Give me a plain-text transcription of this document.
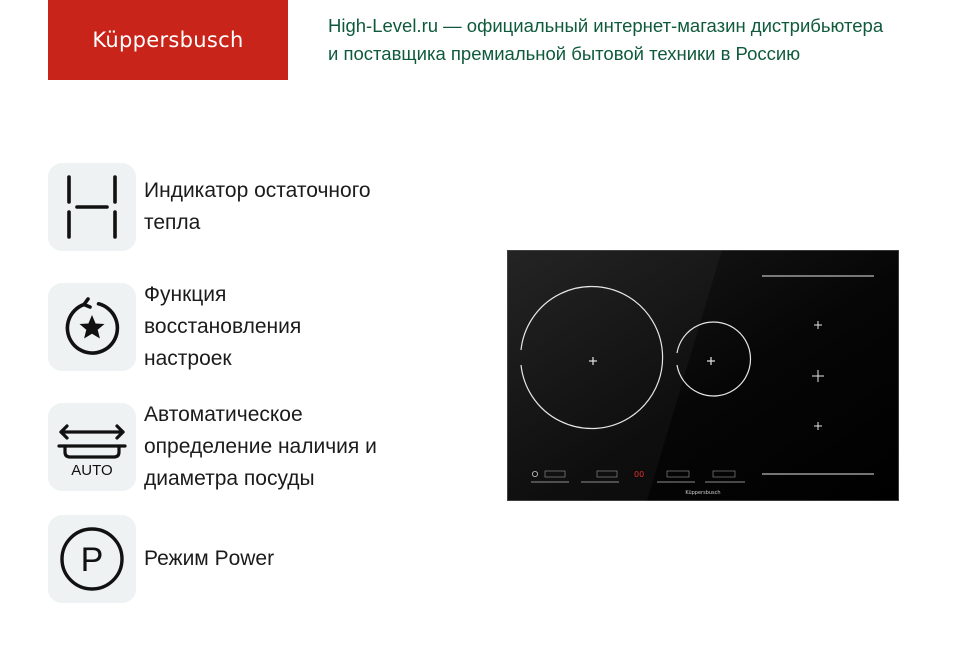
Küppersbusch
High-Level.ru — официальный интернет-магазин дистрибьютера
и поставщика премиальной бытовой техники в Россию
Индикатор остаточного
тепла
Функция
восстановления
настроек
AUTO
Автоматическое
определение наличия и
диаметра посуды
P Режим Power
00
Küppersbusch
